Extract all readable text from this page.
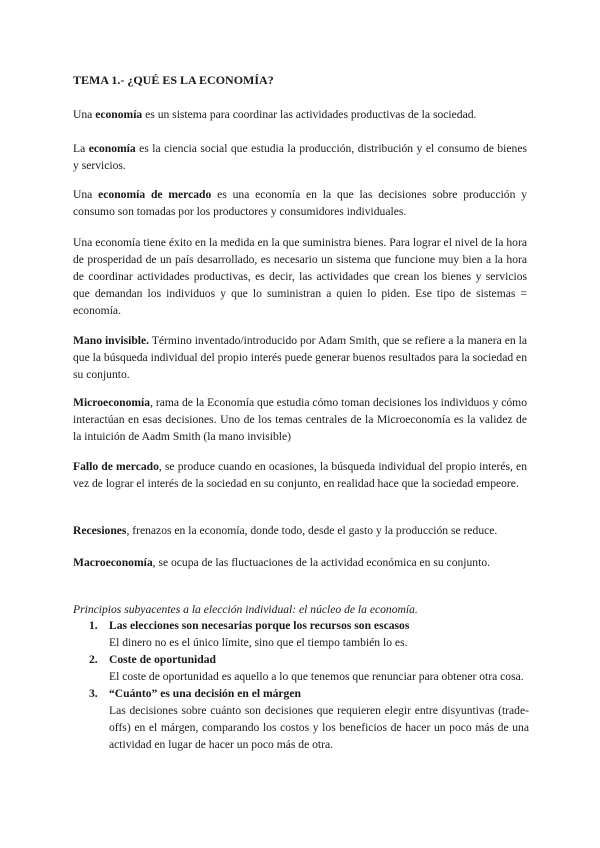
TEMA 1.- ¿QUÉ ES LA ECONOMÍA?

Una economía es un sistema para coordinar las actividades productivas de la sociedad.

La economía es la ciencia social que estudia la producción, distribución y el consumo de bienes y servicios.

Una economía de mercado es una economía en la que las decisiones sobre producción y consumo son tomadas por los productores y consumidores individuales.

Una economía tiene éxito en la medida en la que suministra bienes. Para lograr el nivel de la hora de prosperidad de un país desarrollado, es necesario un sistema que funcione muy bien a la hora de coordinar actividades productivas, es decir, las actividades que crean los bienes y servicios que demandan los individuos y que lo suministran a quien lo piden. Ese tipo de sistemas = economía.

Mano invisible. Término inventado/introducido por Adam Smith, que se refiere a la manera en la que la búsqueda individual del propio interés puede generar buenos resultados para la sociedad en su conjunto.

Microeconomía, rama de la Economía que estudia cómo toman decisiones los individuos y cómo interactúan en esas decisiones. Uno de los temas centrales de la Microeconomía es la validez de la intuición de Aadm Smith (la mano invisible)

Fallo de mercado, se produce cuando en ocasiones, la búsqueda individual del propio interés, en vez de lograr el interés de la sociedad en su conjunto, en realidad hace que la sociedad empeore.

Recesiones, frenazos en la economía, donde todo, desde el gasto y la producción se reduce.

Macroeconomía, se ocupa de las fluctuaciones de la actividad económica en su conjunto.

Principios subyacentes a la elección individual: el núcleo de la economía.

1. Las elecciones son necesarias porque los recursos son escasos
El dinero no es el único límite, sino que el tiempo también lo es.
2. Coste de oportunidad
El coste de oportunidad es aquello a lo que tenemos que renunciar para obtener otra cosa.
3. “Cuánto” es una decisión en el márgen
Las decisiones sobre cuánto son decisiones que requieren elegir entre disyuntivas (trade-offs) en el márgen, comparando los costos y los beneficios de hacer un poco más de una actividad en lugar de hacer un poco más de otra.
